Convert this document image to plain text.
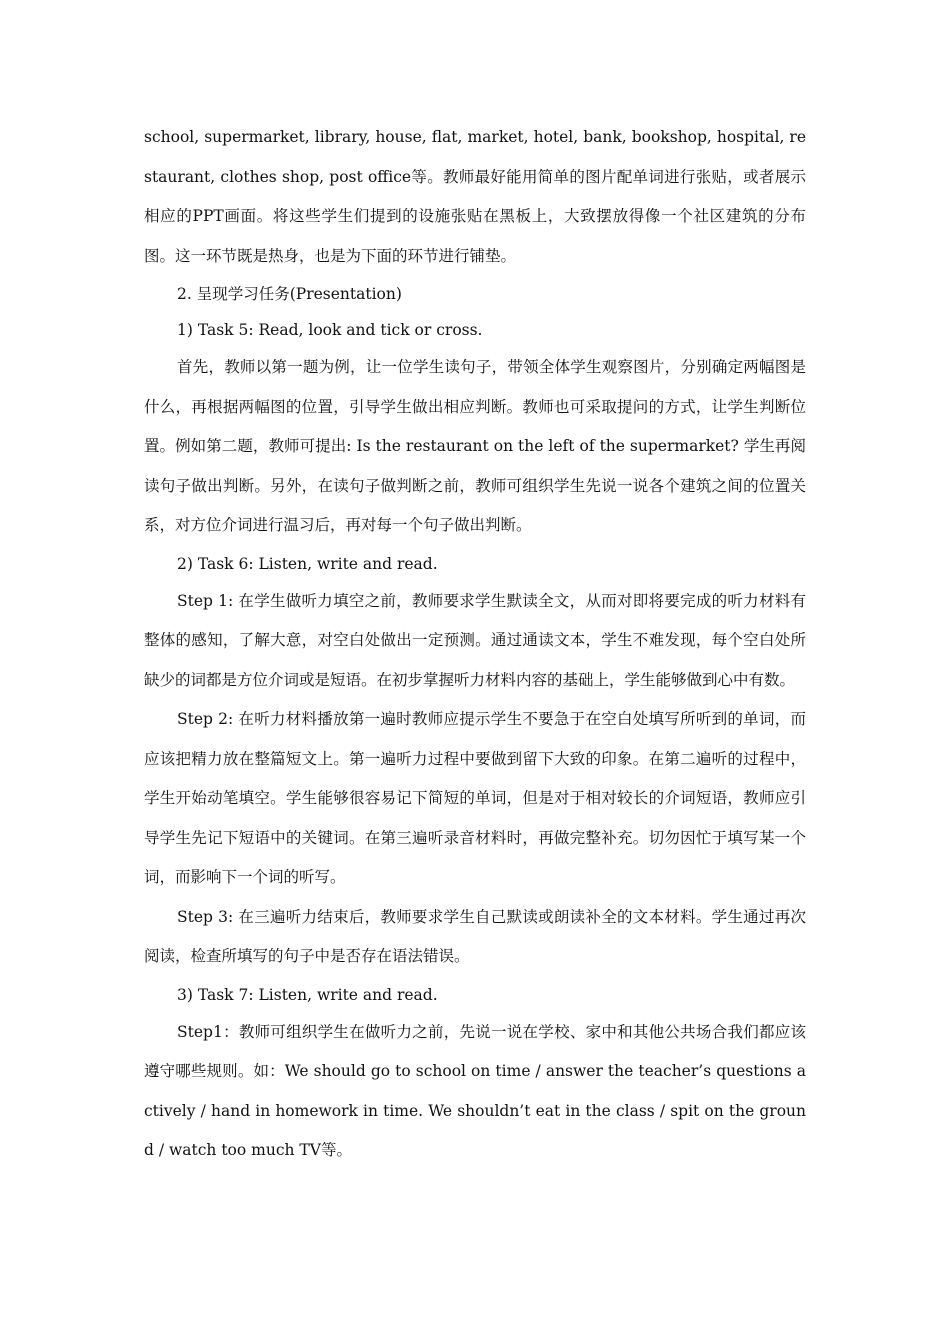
school, supermarket, library, house, flat, market, hotel, bank, bookshop, hospital, restaurant, clothes shop, post office等。教师最好能用简单的图片配单词进行张贴，或者展示相应的PPT画面。将这些学生们提到的设施张贴在黑板上，大致摆放得像一个社区建筑的分布图。这一环节既是热身，也是为下面的环节进行铺垫。

2. 呈现学习任务(Presentation)

1) Task 5: Read, look and tick or cross.

首先，教师以第一题为例，让一位学生读句子，带领全体学生观察图片，分别确定两幅图是什么，再根据两幅图的位置，引导学生做出相应判断。教师也可采取提问的方式，让学生判断位置。例如第二题，教师可提出: Is the restaurant on the left of the supermarket? 学生再阅读句子做出判断。另外，在读句子做判断之前，教师可组织学生先说一说各个建筑之间的位置关系，对方位介词进行温习后，再对每一个句子做出判断。

2) Task 6: Listen, write and read.

Step 1: 在学生做听力填空之前，教师要求学生默读全文，从而对即将要完成的听力材料有整体的感知，了解大意，对空白处做出一定预测。通过通读文本，学生不难发现，每个空白处所缺少的词都是方位介词或是短语。在初步掌握听力材料内容的基础上，学生能够做到心中有数。

Step 2: 在听力材料播放第一遍时教师应提示学生不要急于在空白处填写所听到的单词，而应该把精力放在整篇短文上。第一遍听力过程中要做到留下大致的印象。在第二遍听的过程中，学生开始动笔填空。学生能够很容易记下简短的单词，但是对于相对较长的介词短语，教师应引导学生先记下短语中的关键词。在第三遍听录音材料时，再做完整补充。切勿因忙于填写某一个词，而影响下一个词的听写。

Step 3: 在三遍听力结束后，教师要求学生自己默读或朗读补全的文本材料。学生通过再次阅读，检查所填写的句子中是否存在语法错误。

3) Task 7: Listen, write and read.

Step1：教师可组织学生在做听力之前，先说一说在学校、家中和其他公共场合我们都应该遵守哪些规则。如：We should go to school on time / answer the teacher’s questions actively / hand in homework in time. We shouldn’t eat in the class / spit on the ground / watch too much TV等。
